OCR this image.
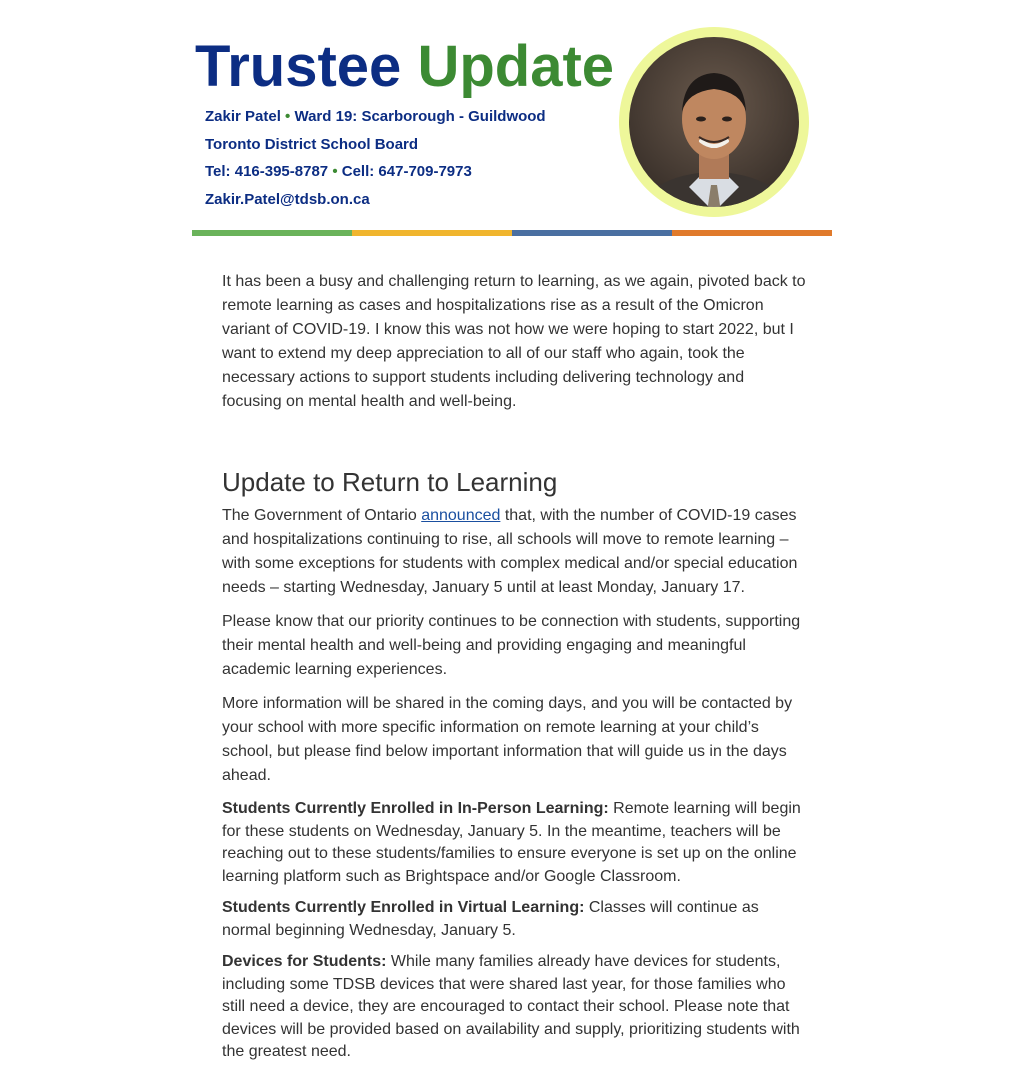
Trustee Update
Zakir Patel • Ward 19: Scarborough - Guildwood
Toronto District School Board
Tel: 416-395-8787 • Cell: 647-709-7973
Zakir.Patel@tdsb.on.ca

It has been a busy and challenging return to learning, as we again, pivoted back to remote learning as cases and hospitalizations rise as a result of the Omicron variant of COVID-19. I know this was not how we were hoping to start 2022, but I want to extend my deep appreciation to all of our staff who again, took the necessary actions to support students including delivering technology and focusing on mental health and well-being.

Update to Return to Learning

The Government of Ontario announced that, with the number of COVID-19 cases and hospitalizations continuing to rise, all schools will move to remote learning – with some exceptions for students with complex medical and/or special education needs – starting Wednesday, January 5 until at least Monday, January 17.

Please know that our priority continues to be connection with students, supporting their mental health and well-being and providing engaging and meaningful academic learning experiences.

More information will be shared in the coming days, and you will be contacted by your school with more specific information on remote learning at your child’s school, but please find below important information that will guide us in the days ahead.

Students Currently Enrolled in In-Person Learning: Remote learning will begin for these students on Wednesday, January 5. In the meantime, teachers will be reaching out to these students/families to ensure everyone is set up on the online learning platform such as Brightspace and/or Google Classroom.

Students Currently Enrolled in Virtual Learning: Classes will continue as normal beginning Wednesday, January 5.

Devices for Students: While many families already have devices for students, including some TDSB devices that were shared last year, for those families who still need a device, they are encouraged to contact their school. Please note that devices will be provided based on availability and supply, prioritizing students with the greatest need.
